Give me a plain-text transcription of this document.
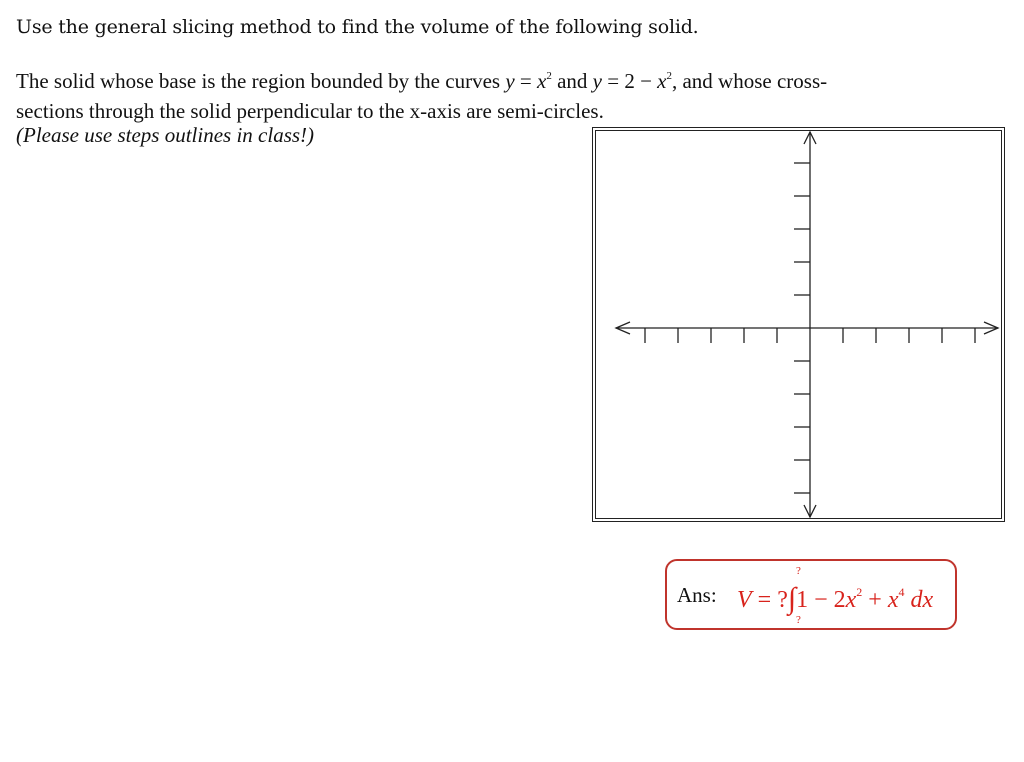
Use the general slicing method to find the volume of the following solid.
The solid whose base is the region bounded by the curves $y = x^2$ and $y = 2 - x^2$, and whose cross-
sections through the solid perpendicular to the x-axis are semi-circles.
(Please use steps outlines in class!)
Ans:
?
?
V = ?∫1 − $2x^2 + x^4$ dx
